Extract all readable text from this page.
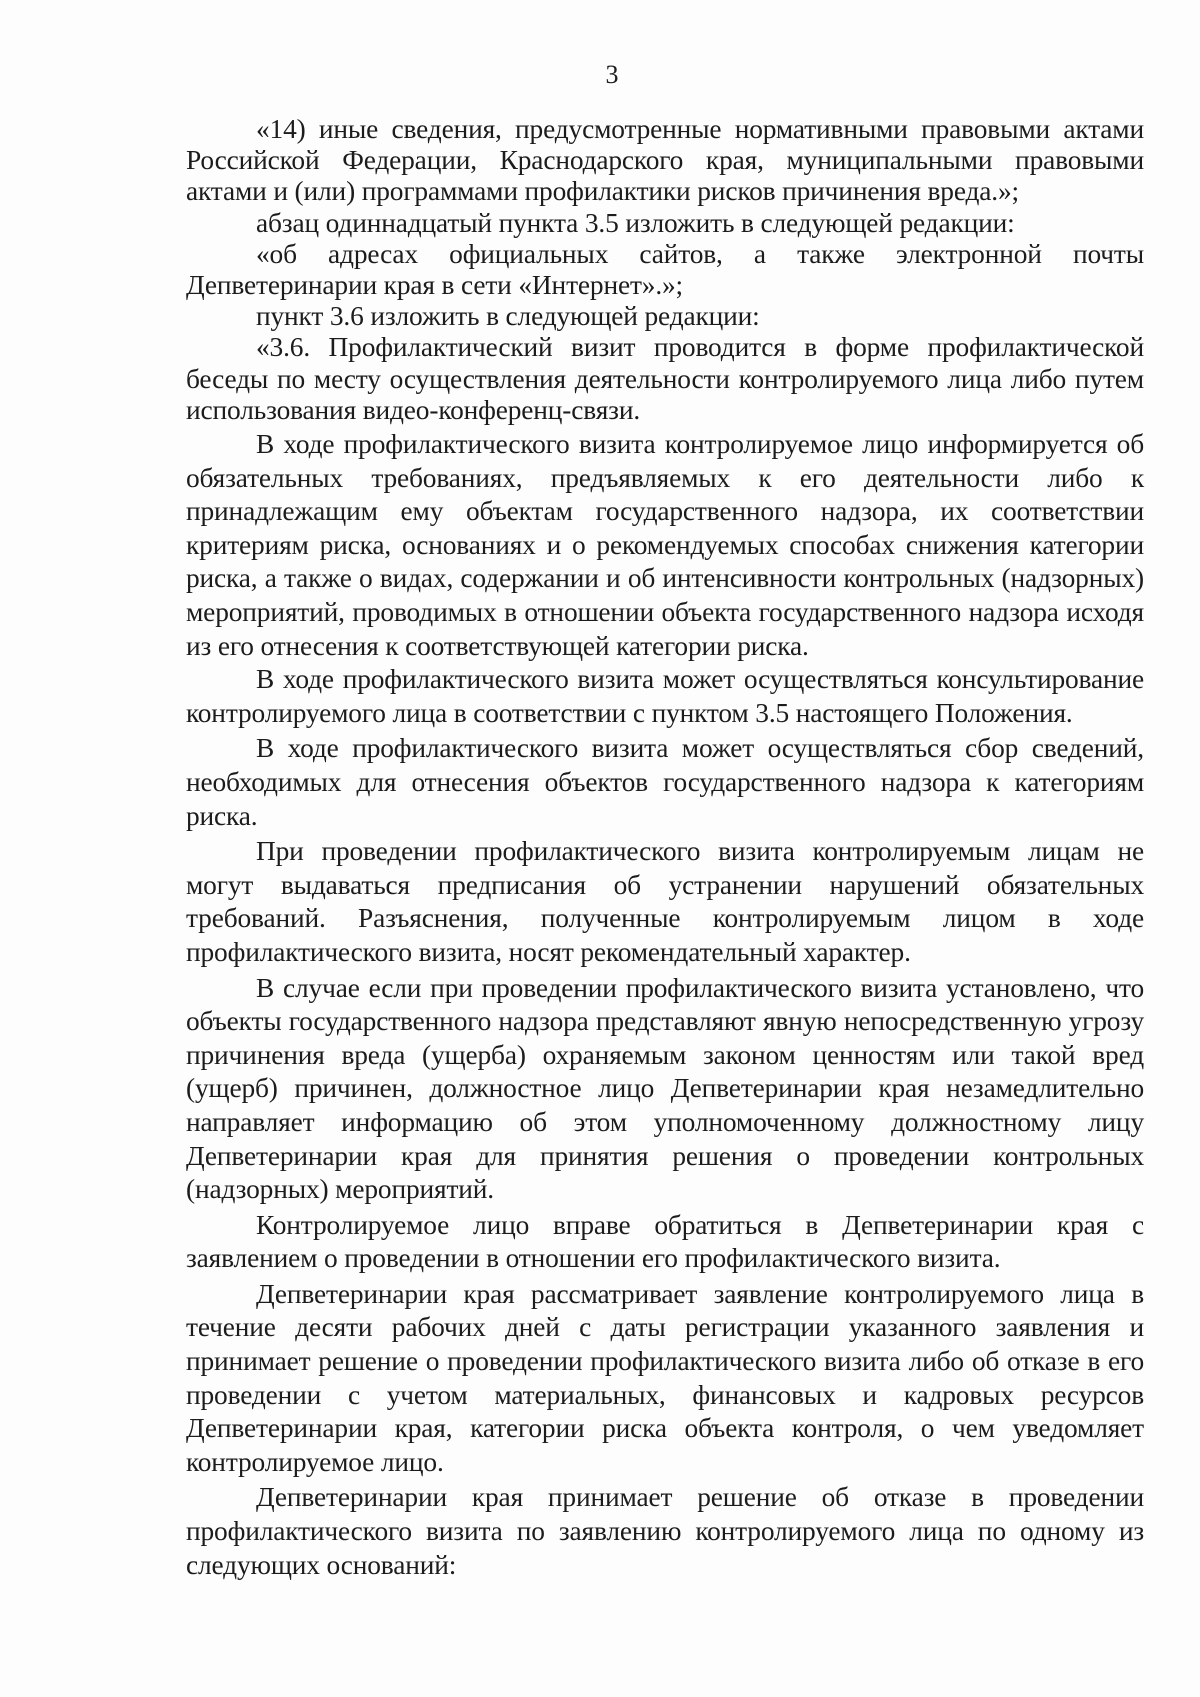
3

«14) иные сведения, предусмотренные нормативными правовыми актами Российской Федерации, Краснодарского края, муниципальными правовыми актами и (или) программами профилактики рисков причинения вреда.»;

абзац одиннадцатый пункта 3.5 изложить в следующей редакции:

«об адресах официальных сайтов, а также электронной почты Депветеринарии края в сети «Интернет».»;

пункт 3.6 изложить в следующей редакции:

«3.6. Профилактический визит проводится в форме профилактической беседы по месту осуществления деятельности контролируемого лица либо путем использования видео-конференц-связи.

В ходе профилактического визита контролируемое лицо информируется об обязательных требованиях, предъявляемых к его деятельности либо к принадлежащим ему объектам государственного надзора, их соответствии критериям риска, основаниях и о рекомендуемых способах снижения категории риска, а также о видах, содержании и об интенсивности контрольных (надзорных) мероприятий, проводимых в отношении объекта государственного надзора исходя из его отнесения к соответствующей категории риска.

В ходе профилактического визита может осуществляться консультирование контролируемого лица в соответствии с пунктом 3.5 настоящего Положения.

В ходе профилактического визита может осуществляться сбор сведений, необходимых для отнесения объектов государственного надзора к категориям риска.

При проведении профилактического визита контролируемым лицам не могут выдаваться предписания об устранении нарушений обязательных требований. Разъяснения, полученные контролируемым лицом в ходе профилактического визита, носят рекомендательный характер.

В случае если при проведении профилактического визита установлено, что объекты государственного надзора представляют явную непосредственную угрозу причинения вреда (ущерба) охраняемым законом ценностям или такой вред (ущерб) причинен, должностное лицо Депветеринарии края незамедлительно направляет информацию об этом уполномоченному должностному лицу Депветеринарии края для принятия решения о проведении контрольных (надзорных) мероприятий.

Контролируемое лицо вправе обратиться в Депветеринарии края с заявлением о проведении в отношении его профилактического визита.

Депветеринарии края рассматривает заявление контролируемого лица в течение десяти рабочих дней с даты регистрации указанного заявления и принимает решение о проведении профилактического визита либо об отказе в его проведении с учетом материальных, финансовых и кадровых ресурсов Депветеринарии края, категории риска объекта контроля, о чем уведомляет контролируемое лицо.

Депветеринарии края принимает решение об отказе в проведении профилактического визита по заявлению контролируемого лица по одному из следующих оснований:
